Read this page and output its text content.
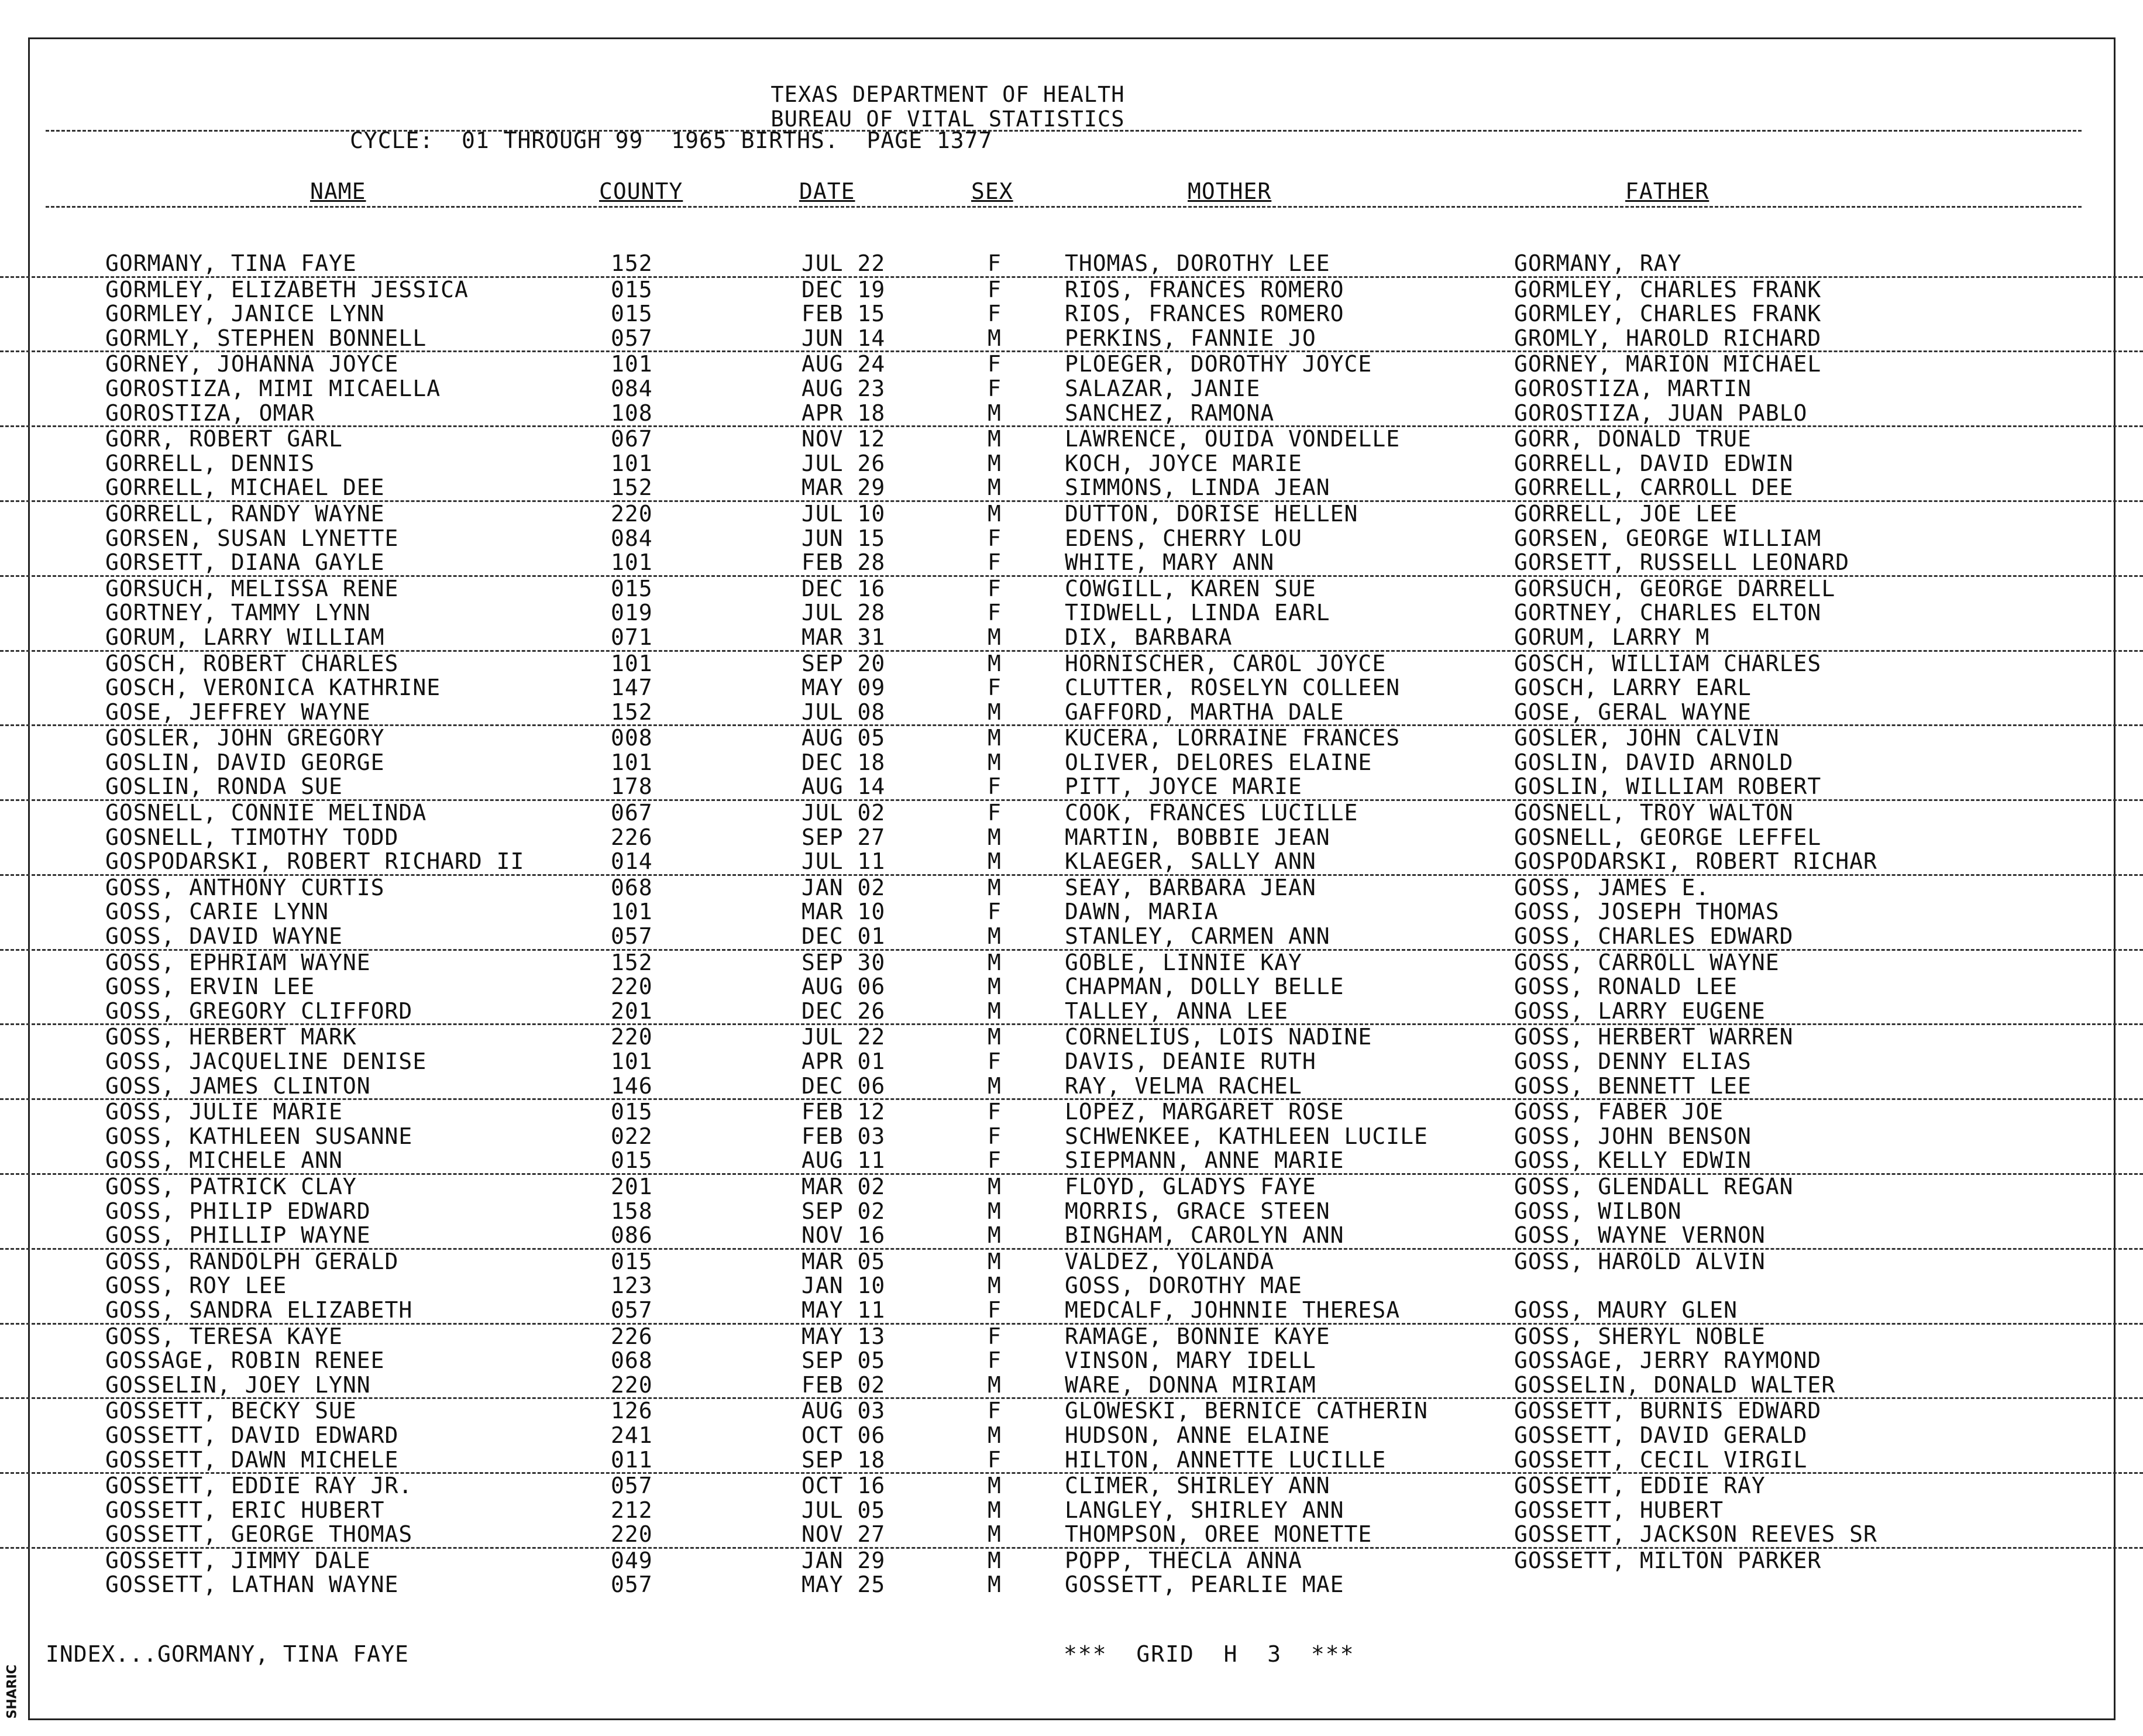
TEXAS DEPARTMENT OF HEALTH
BUREAU OF VITAL STATISTICS
CYCLE:  01 THROUGH 99  1965 BIRTHS.  PAGE 1377
NAME	COUNTY	DATE	SEX	MOTHER	FATHER
GORMANY, TINA FAYE	152	JUL 22	F	THOMAS, DOROTHY LEE	GORMANY, RAY
GORMLEY, ELIZABETH JESSICA	015	DEC 19	F	RIOS, FRANCES ROMERO	GORMLEY, CHARLES FRANK
GORMLEY, JANICE LYNN	015	FEB 15	F	RIOS, FRANCES ROMERO	GORMLEY, CHARLES FRANK
GORMLY, STEPHEN BONNELL	057	JUN 14	M	PERKINS, FANNIE JO	GROMLY, HAROLD RICHARD
GORNEY, JOHANNA JOYCE	101	AUG 24	F	PLOEGER, DOROTHY JOYCE	GORNEY, MARION MICHAEL
GOROSTIZA, MIMI MICAELLA	084	AUG 23	F	SALAZAR, JANIE	GOROSTIZA, MARTIN
GOROSTIZA, OMAR	108	APR 18	M	SANCHEZ, RAMONA	GOROSTIZA, JUAN PABLO
GORR, ROBERT GARL	067	NOV 12	M	LAWRENCE, OUIDA VONDELLE	GORR, DONALD TRUE
GORRELL, DENNIS	101	JUL 26	M	KOCH, JOYCE MARIE	GORRELL, DAVID EDWIN
GORRELL, MICHAEL DEE	152	MAR 29	M	SIMMONS, LINDA JEAN	GORRELL, CARROLL DEE
GORRELL, RANDY WAYNE	220	JUL 10	M	DUTTON, DORISE HELLEN	GORRELL, JOE LEE
GORSEN, SUSAN LYNETTE	084	JUN 15	F	EDENS, CHERRY LOU	GORSEN, GEORGE WILLIAM
GORSETT, DIANA GAYLE	101	FEB 28	F	WHITE, MARY ANN	GORSETT, RUSSELL LEONARD
GORSUCH, MELISSA RENE	015	DEC 16	F	COWGILL, KAREN SUE	GORSUCH, GEORGE DARRELL
GORTNEY, TAMMY LYNN	019	JUL 28	F	TIDWELL, LINDA EARL	GORTNEY, CHARLES ELTON
GORUM, LARRY WILLIAM	071	MAR 31	M	DIX, BARBARA	GORUM, LARRY M
GOSCH, ROBERT CHARLES	101	SEP 20	M	HORNISCHER, CAROL JOYCE	GOSCH, WILLIAM CHARLES
GOSCH, VERONICA KATHRINE	147	MAY 09	F	CLUTTER, ROSELYN COLLEEN	GOSCH, LARRY EARL
GOSE, JEFFREY WAYNE	152	JUL 08	M	GAFFORD, MARTHA DALE	GOSE, GERAL WAYNE
GOSLER, JOHN GREGORY	008	AUG 05	M	KUCERA, LORRAINE FRANCES	GOSLER, JOHN CALVIN
GOSLIN, DAVID GEORGE	101	DEC 18	M	OLIVER, DELORES ELAINE	GOSLIN, DAVID ARNOLD
GOSLIN, RONDA SUE	178	AUG 14	F	PITT, JOYCE MARIE	GOSLIN, WILLIAM ROBERT
GOSNELL, CONNIE MELINDA	067	JUL 02	F	COOK, FRANCES LUCILLE	GOSNELL, TROY WALTON
GOSNELL, TIMOTHY TODD	226	SEP 27	M	MARTIN, BOBBIE JEAN	GOSNELL, GEORGE LEFFEL
GOSPODARSKI, ROBERT RICHARD II	014	JUL 11	M	KLAEGER, SALLY ANN	GOSPODARSKI, ROBERT RICHAR
GOSS, ANTHONY CURTIS	068	JAN 02	M	SEAY, BARBARA JEAN	GOSS, JAMES E.
GOSS, CARIE LYNN	101	MAR 10	F	DAWN, MARIA	GOSS, JOSEPH THOMAS
GOSS, DAVID WAYNE	057	DEC 01	M	STANLEY, CARMEN ANN	GOSS, CHARLES EDWARD
GOSS, EPHRIAM WAYNE	152	SEP 30	M	GOBLE, LINNIE KAY	GOSS, CARROLL WAYNE
GOSS, ERVIN LEE	220	AUG 06	M	CHAPMAN, DOLLY BELLE	GOSS, RONALD LEE
GOSS, GREGORY CLIFFORD	201	DEC 26	M	TALLEY, ANNA LEE	GOSS, LARRY EUGENE
GOSS, HERBERT MARK	220	JUL 22	M	CORNELIUS, LOIS NADINE	GOSS, HERBERT WARREN
GOSS, JACQUELINE DENISE	101	APR 01	F	DAVIS, DEANIE RUTH	GOSS, DENNY ELIAS
GOSS, JAMES CLINTON	146	DEC 06	M	RAY, VELMA RACHEL	GOSS, BENNETT LEE
GOSS, JULIE MARIE	015	FEB 12	F	LOPEZ, MARGARET ROSE	GOSS, FABER JOE
GOSS, KATHLEEN SUSANNE	022	FEB 03	F	SCHWENKEE, KATHLEEN LUCILE	GOSS, JOHN BENSON
GOSS, MICHELE ANN	015	AUG 11	F	SIEPMANN, ANNE MARIE	GOSS, KELLY EDWIN
GOSS, PATRICK CLAY	201	MAR 02	M	FLOYD, GLADYS FAYE	GOSS, GLENDALL REGAN
GOSS, PHILIP EDWARD	158	SEP 02	M	MORRIS, GRACE STEEN	GOSS, WILBON
GOSS, PHILLIP WAYNE	086	NOV 16	M	BINGHAM, CAROLYN ANN	GOSS, WAYNE VERNON
GOSS, RANDOLPH GERALD	015	MAR 05	M	VALDEZ, YOLANDA	GOSS, HAROLD ALVIN
GOSS, ROY LEE	123	JAN 10	M	GOSS, DOROTHY MAE
GOSS, SANDRA ELIZABETH	057	MAY 11	F	MEDCALF, JOHNNIE THERESA	GOSS, MAURY GLEN
GOSS, TERESA KAYE	226	MAY 13	F	RAMAGE, BONNIE KAYE	GOSS, SHERYL NOBLE
GOSSAGE, ROBIN RENEE	068	SEP 05	F	VINSON, MARY IDELL	GOSSAGE, JERRY RAYMOND
GOSSELIN, JOEY LYNN	220	FEB 02	M	WARE, DONNA MIRIAM	GOSSELIN, DONALD WALTER
GOSSETT, BECKY SUE	126	AUG 03	F	GLOWESKI, BERNICE CATHERIN	GOSSETT, BURNIS EDWARD
GOSSETT, DAVID EDWARD	241	OCT 06	M	HUDSON, ANNE ELAINE	GOSSETT, DAVID GERALD
GOSSETT, DAWN MICHELE	011	SEP 18	F	HILTON, ANNETTE LUCILLE	GOSSETT, CECIL VIRGIL
GOSSETT, EDDIE RAY JR.	057	OCT 16	M	CLIMER, SHIRLEY ANN	GOSSETT, EDDIE RAY
GOSSETT, ERIC HUBERT	212	JUL 05	M	LANGLEY, SHIRLEY ANN	GOSSETT, HUBERT
GOSSETT, GEORGE THOMAS	220	NOV 27	M	THOMPSON, OREE MONETTE	GOSSETT, JACKSON REEVES SR
GOSSETT, JIMMY DALE	049	JAN 29	M	POPP, THECLA ANNA	GOSSETT, MILTON PARKER
GOSSETT, LATHAN WAYNE	057	MAY 25	M	GOSSETT, PEARLIE MAE
INDEX...GORMANY, TINA FAYE	***  GRID  H  3  ***
SHARIC
